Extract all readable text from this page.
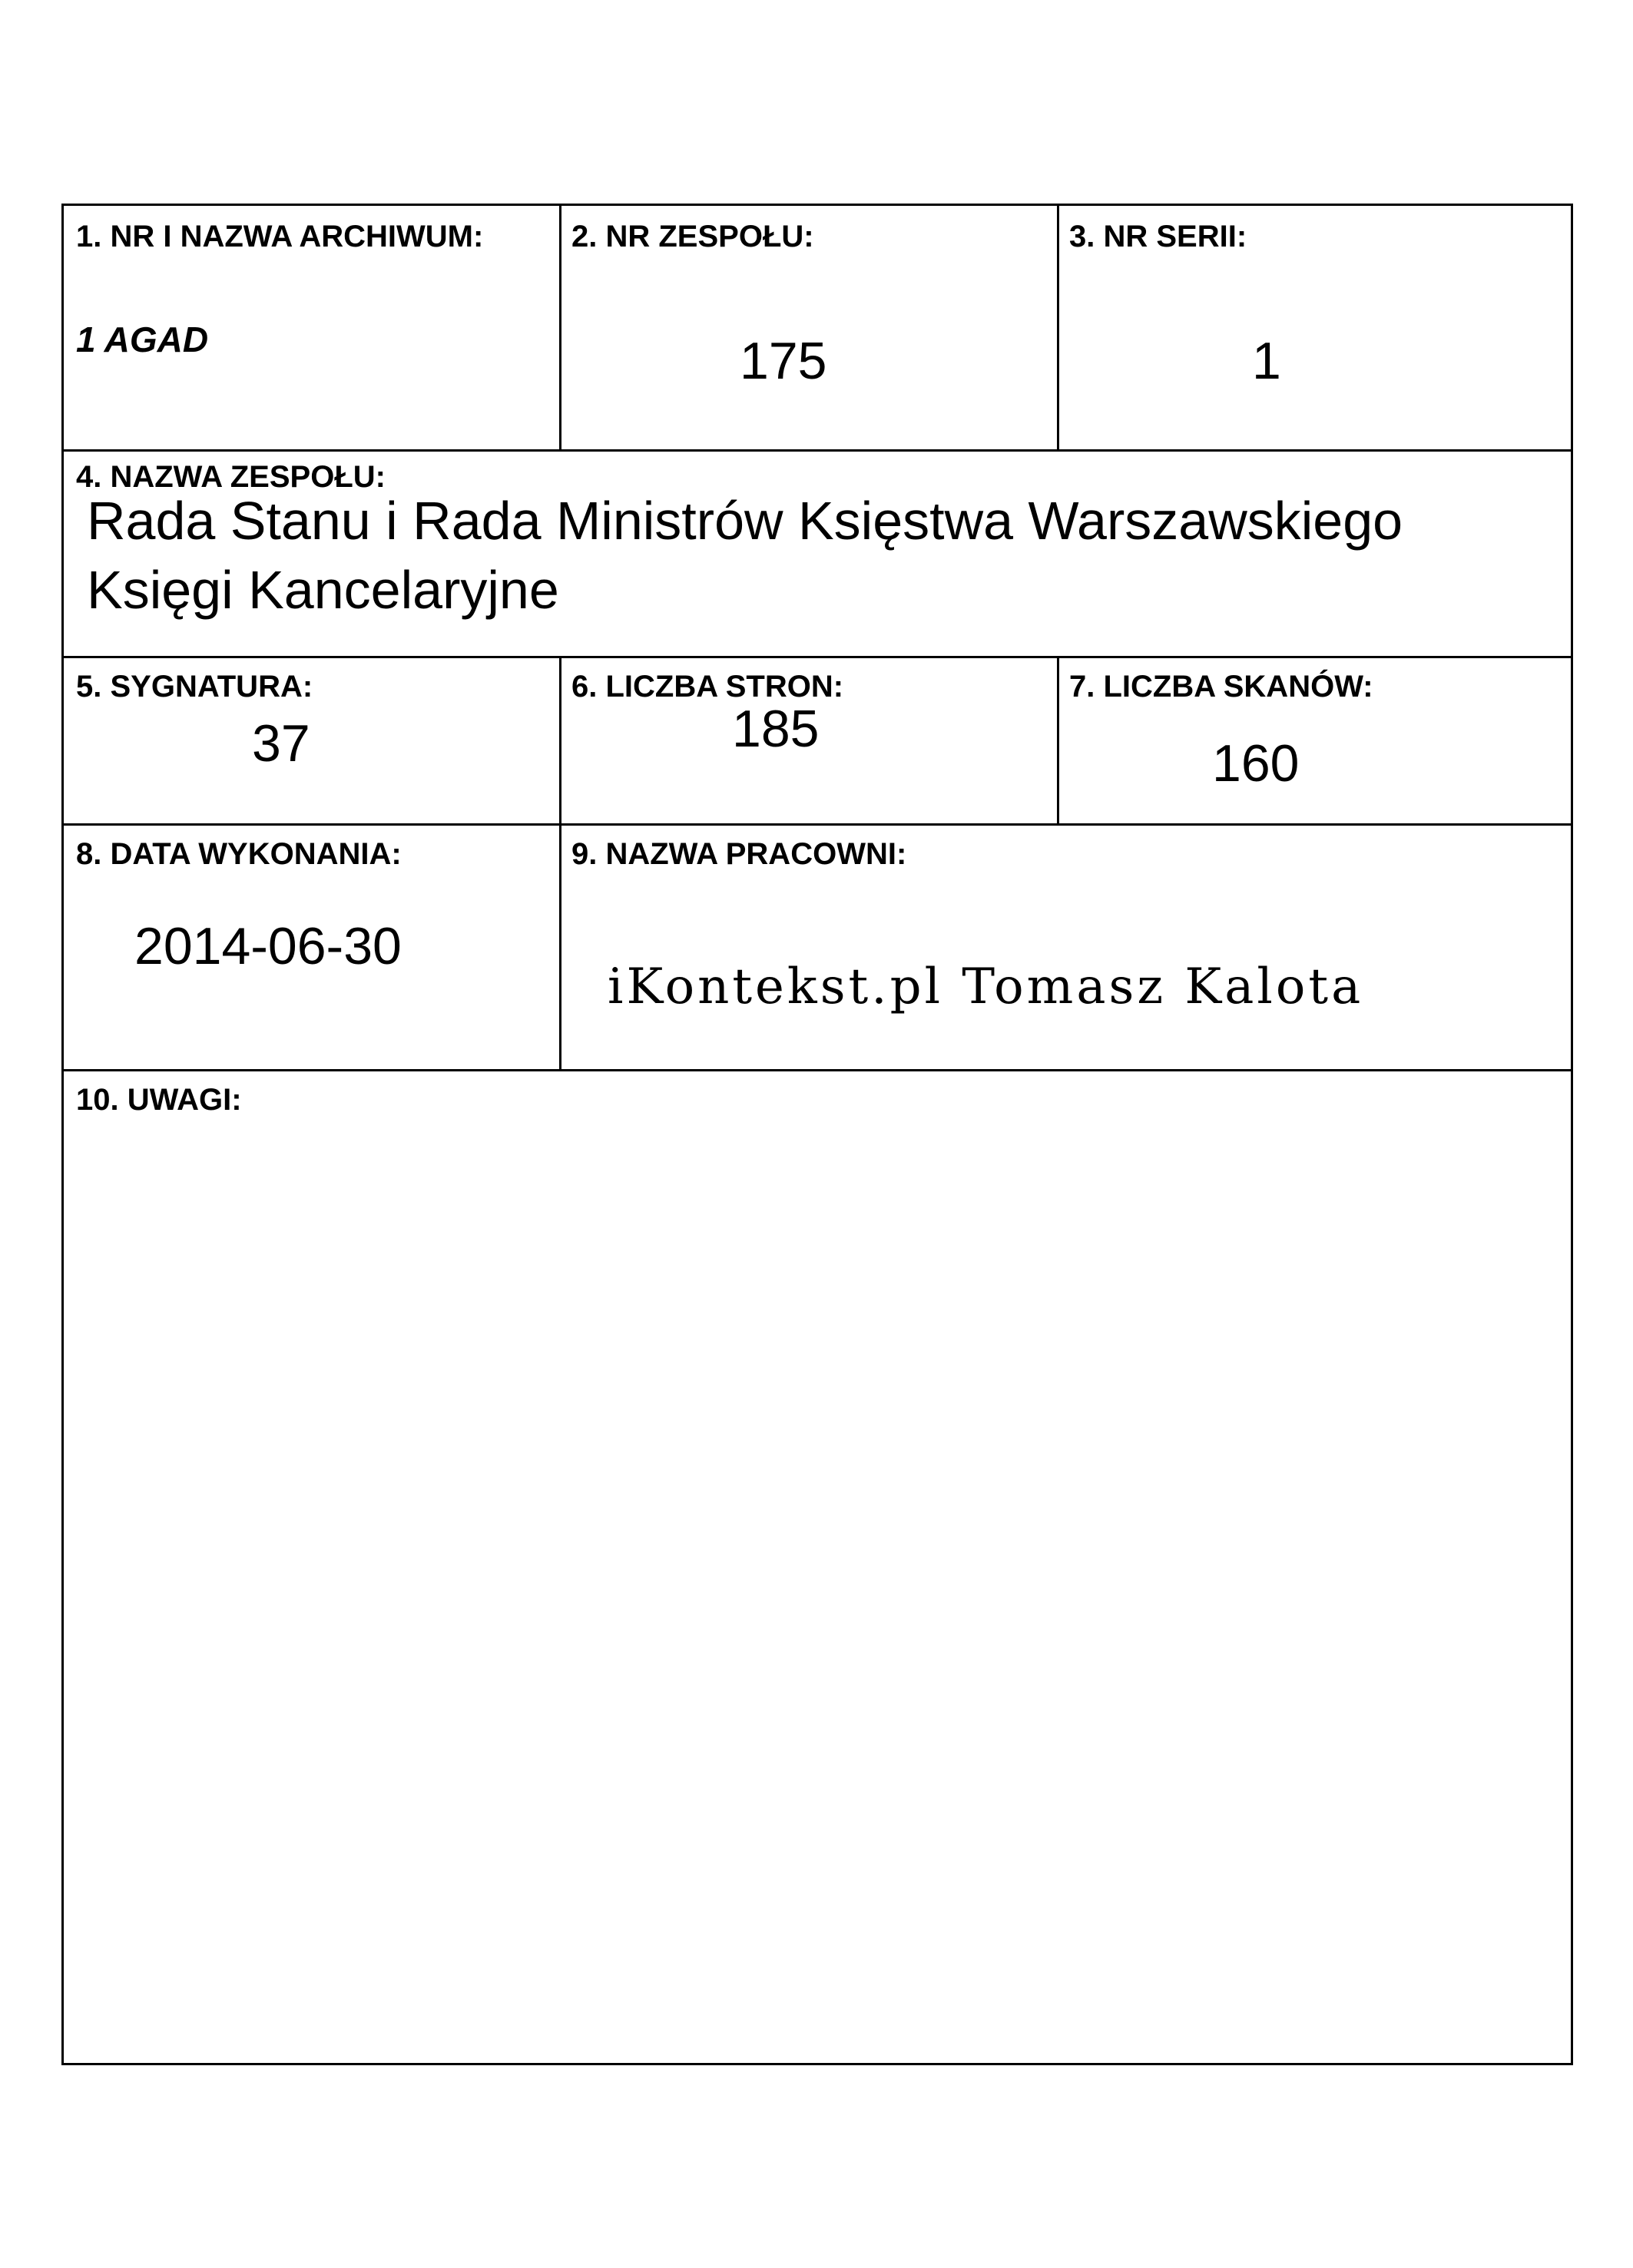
1. NR I NAZWA ARCHIWUM:
1 AGAD
2. NR ZESPOŁU:
175
3. NR SERII:
1
4. NAZWA ZESPOŁU:
Rada Stanu i Rada Ministrów Księstwa Warszawskiego
Księgi Kancelaryjne
5. SYGNATURA:
37
6. LICZBA STRON:
185
7. LICZBA SKANÓW:
160
8. DATA WYKONANIA:
2014-06-30
9. NAZWA PRACOWNI:
iKontekst.pl Tomasz Kalota
10. UWAGI:
